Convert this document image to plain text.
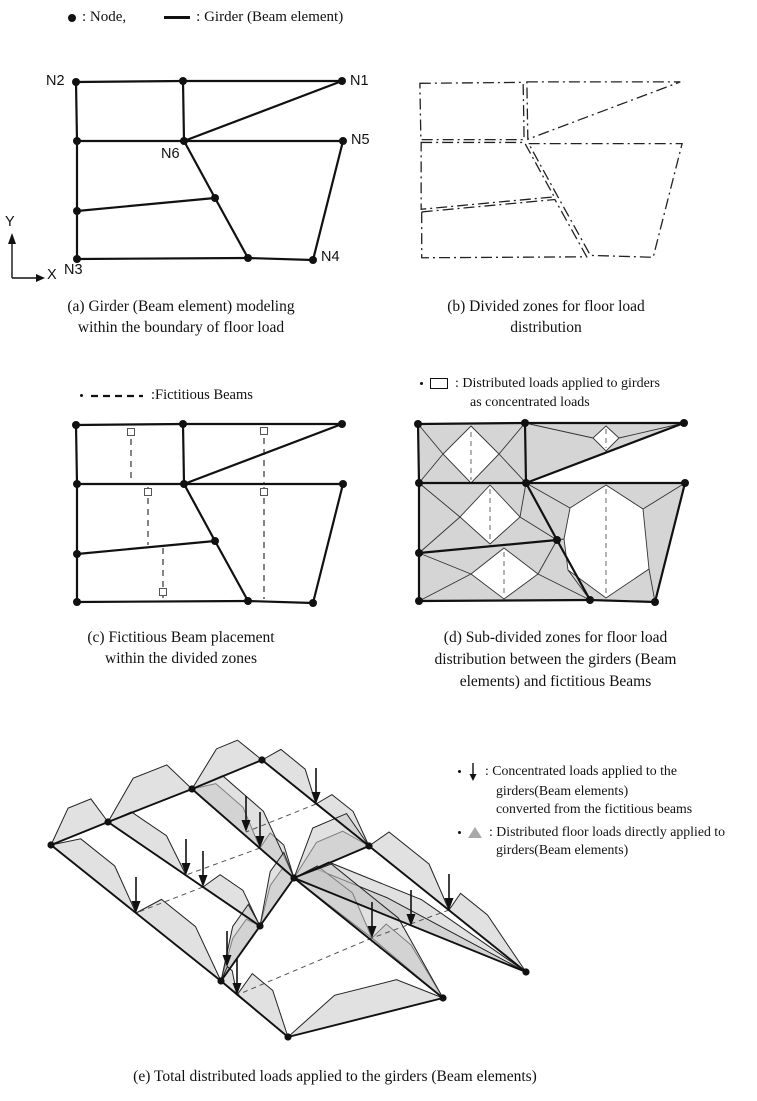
: Node,	: Girder (Beam element)
N1
N2
N3
N4
N5
N6
Y
X
(a) Girder (Beam element) modeling
within the boundary of floor load
(b) Divided zones for floor load
distribution
(c) Fictitious Beam placement
within the divided zones
(d) Sub-divided zones for floor load
distribution between the girders (Beam
elements) and fictitious Beams
(e) Total distributed loads applied to the girders (Beam elements)
:Fictitious Beams
: Distributed loads applied to girders
as concentrated loads
: Concentrated loads applied to the
girders(Beam elements)
converted from the fictitious beams
: Distributed floor loads directly applied to
girders(Beam elements)
